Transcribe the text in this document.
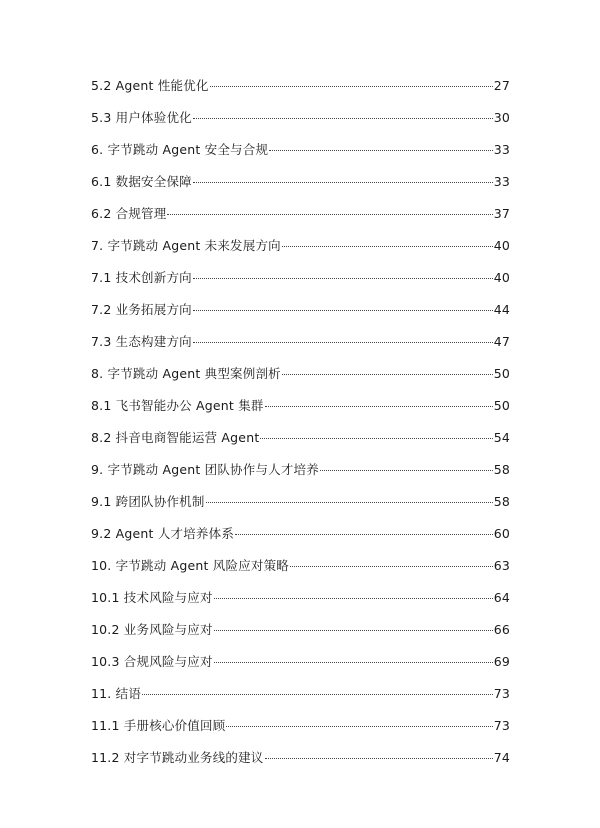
5.2 Agent 性能优化	27
5.3 用户体验优化	30
6. 字节跳动 Agent 安全与合规	33
6.1 数据安全保障	33
6.2 合规管理	37
7. 字节跳动 Agent 未来发展方向	40
7.1 技术创新方向	40
7.2 业务拓展方向	44
7.3 生态构建方向	47
8. 字节跳动 Agent 典型案例剖析	50
8.1 飞书智能办公 Agent 集群	50
8.2 抖音电商智能运营 Agent	54
9. 字节跳动 Agent 团队协作与人才培养	58
9.1 跨团队协作机制	58
9.2 Agent 人才培养体系	60
10. 字节跳动 Agent 风险应对策略	63
10.1 技术风险与应对	64
10.2 业务风险与应对	66
10.3 合规风险与应对	69
11. 结语	73
11.1 手册核心价值回顾	73
11.2 对字节跳动业务线的建议	74
